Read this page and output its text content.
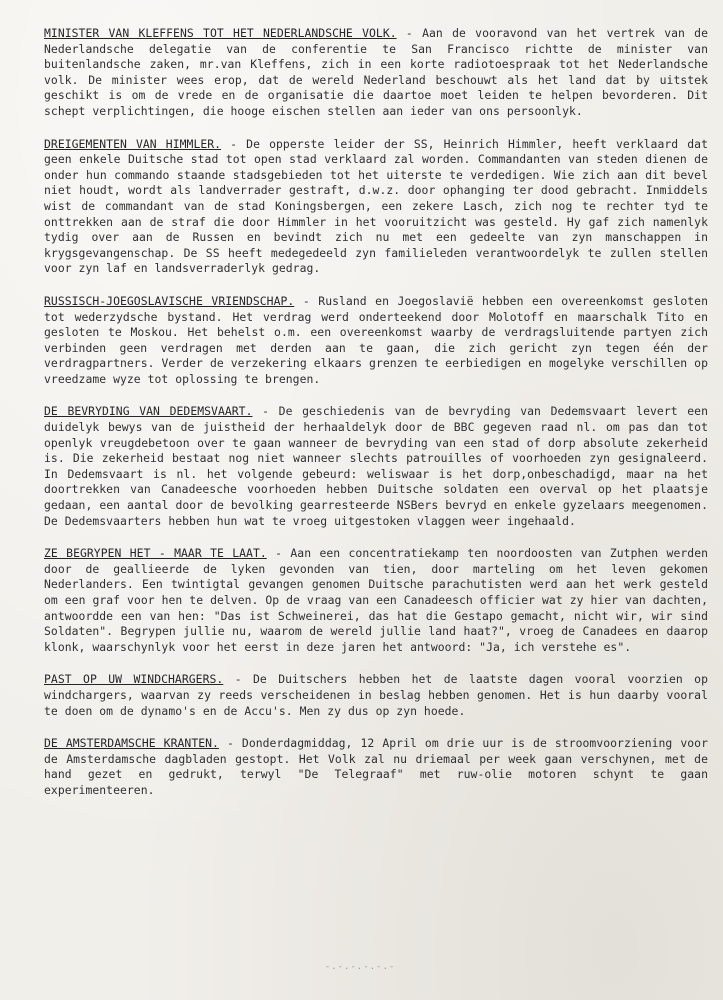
MINISTER VAN KLEFFENS TOT HET NEDERLANDSCHE VOLK. - Aan de vooravond van het vertrek van de Nederlandsche delegatie van de conferentie te San Francisco richtte de minister van buitenlandsche zaken, mr.van Kleffens, zich in een korte radiotoespraak tot het Nederlandsche volk. De minister wees erop, dat de wereld Nederland beschouwt als het land dat by uitstek geschikt is om de vrede en de organisatie die daartoe moet leiden te helpen bevorderen. Dit schept verplichtingen, die hooge eischen stellen aan ieder van ons persoonlyk.

DREIGEMENTEN VAN HIMMLER. - De opperste leider der SS, Heinrich Himmler, heeft verklaard dat geen enkele Duitsche stad tot open stad verklaard zal worden. Commandanten van steden dienen de onder hun commando staande stadsgebieden tot het uiterste te verdedigen. Wie zich aan dit bevel niet houdt, wordt als landverrader gestraft, d.w.z. door ophanging ter dood gebracht. Inmiddels wist de commandant van de stad Koningsbergen, een zekere Lasch, zich nog te rechter tyd te onttrekken aan de straf die door Himmler in het vooruitzicht was gesteld. Hy gaf zich namenlyk tydig over aan de Russen en bevindt zich nu met een gedeelte van zyn manschappen in krygsgevangenschap. De SS heeft medegedeeld zyn familieleden verantwoordelyk te zullen stellen voor zyn laf en landsverraderlyk gedrag.

RUSSISCH-JOEGOSLAVISCHE VRIENDSCHAP. - Rusland en Joegoslavië hebben een overeenkomst gesloten tot wederzydsche bystand. Het verdrag werd onderteekend door Molotoff en maarschalk Tito en gesloten te Moskou. Het behelst o.m. een overeenkomst waarby de verdragsluitende partyen zich verbinden geen verdragen met derden aan te gaan, die zich gericht zyn tegen één der verdragpartners. Verder de verzekering elkaars grenzen te eerbiedigen en mogelyke verschillen op vreedzame wyze tot oplossing te brengen.

DE BEVRYDING VAN DEDEMSVAART. - De geschiedenis van de bevryding van Dedemsvaart levert een duidelyk bewys van de juistheid der herhaaldelyk door de BBC gegeven raad nl. om pas dan tot openlyk vreugdebetoon over te gaan wanneer de bevryding van een stad of dorp absolute zekerheid is. Die zekerheid bestaat nog niet wanneer slechts patrouilles of voorhoeden zyn gesignaleerd. In Dedemsvaart is nl. het volgende gebeurd: weliswaar is het dorp,onbeschadigd, maar na het doortrekken van Canadeesche voorhoeden hebben Duitsche soldaten een overval op het plaatsje gedaan, een aantal door de bevolking gearresteerde NSBers bevryd en enkele gyzelaars meegenomen. De Dedemsvaarters hebben hun wat te vroeg uitgestoken vlaggen weer ingehaald.

ZE BEGRYPEN HET - MAAR TE LAAT. - Aan een concentratiekamp ten noordoosten van Zutphen werden door de geallieerde de lyken gevonden van tien, door marteling om het leven gekomen Nederlanders. Een twintigtal gevangen genomen Duitsche parachutisten werd aan het werk gesteld om een graf voor hen te delven. Op de vraag van een Canadeesch officier wat zy hier van dachten, antwoordde een van hen: "Das ist Schweinerei, das hat die Gestapo gemacht, nicht wir, wir sind Soldaten". Begrypen jullie nu, waarom de wereld jullie land haat?", vroeg de Canadees en daarop klonk, waarschynlyk voor het eerst in deze jaren het antwoord: "Ja, ich verstehe es".

PAST OP UW WINDCHARGERS. - De Duitschers hebben het de laatste dagen vooral voorzien op windchargers, waarvan zy reeds verscheidenen in beslag hebben genomen. Het is hun daarby vooral te doen om de dynamo's en de Accu's. Men zy dus op zyn hoede.

DE AMSTERDAMSCHE KRANTEN. - Donderdagmiddag, 12 April om drie uur is de stroomvoorziening voor de Amsterdamsche dagbladen gestopt. Het Volk zal nu driemaal per week gaan verschynen, met de hand gezet en gedrukt, terwyl "De Telegraaf" met ruw-olie motoren schynt te gaan experimenteeren.

-.-.-.-.-.-
